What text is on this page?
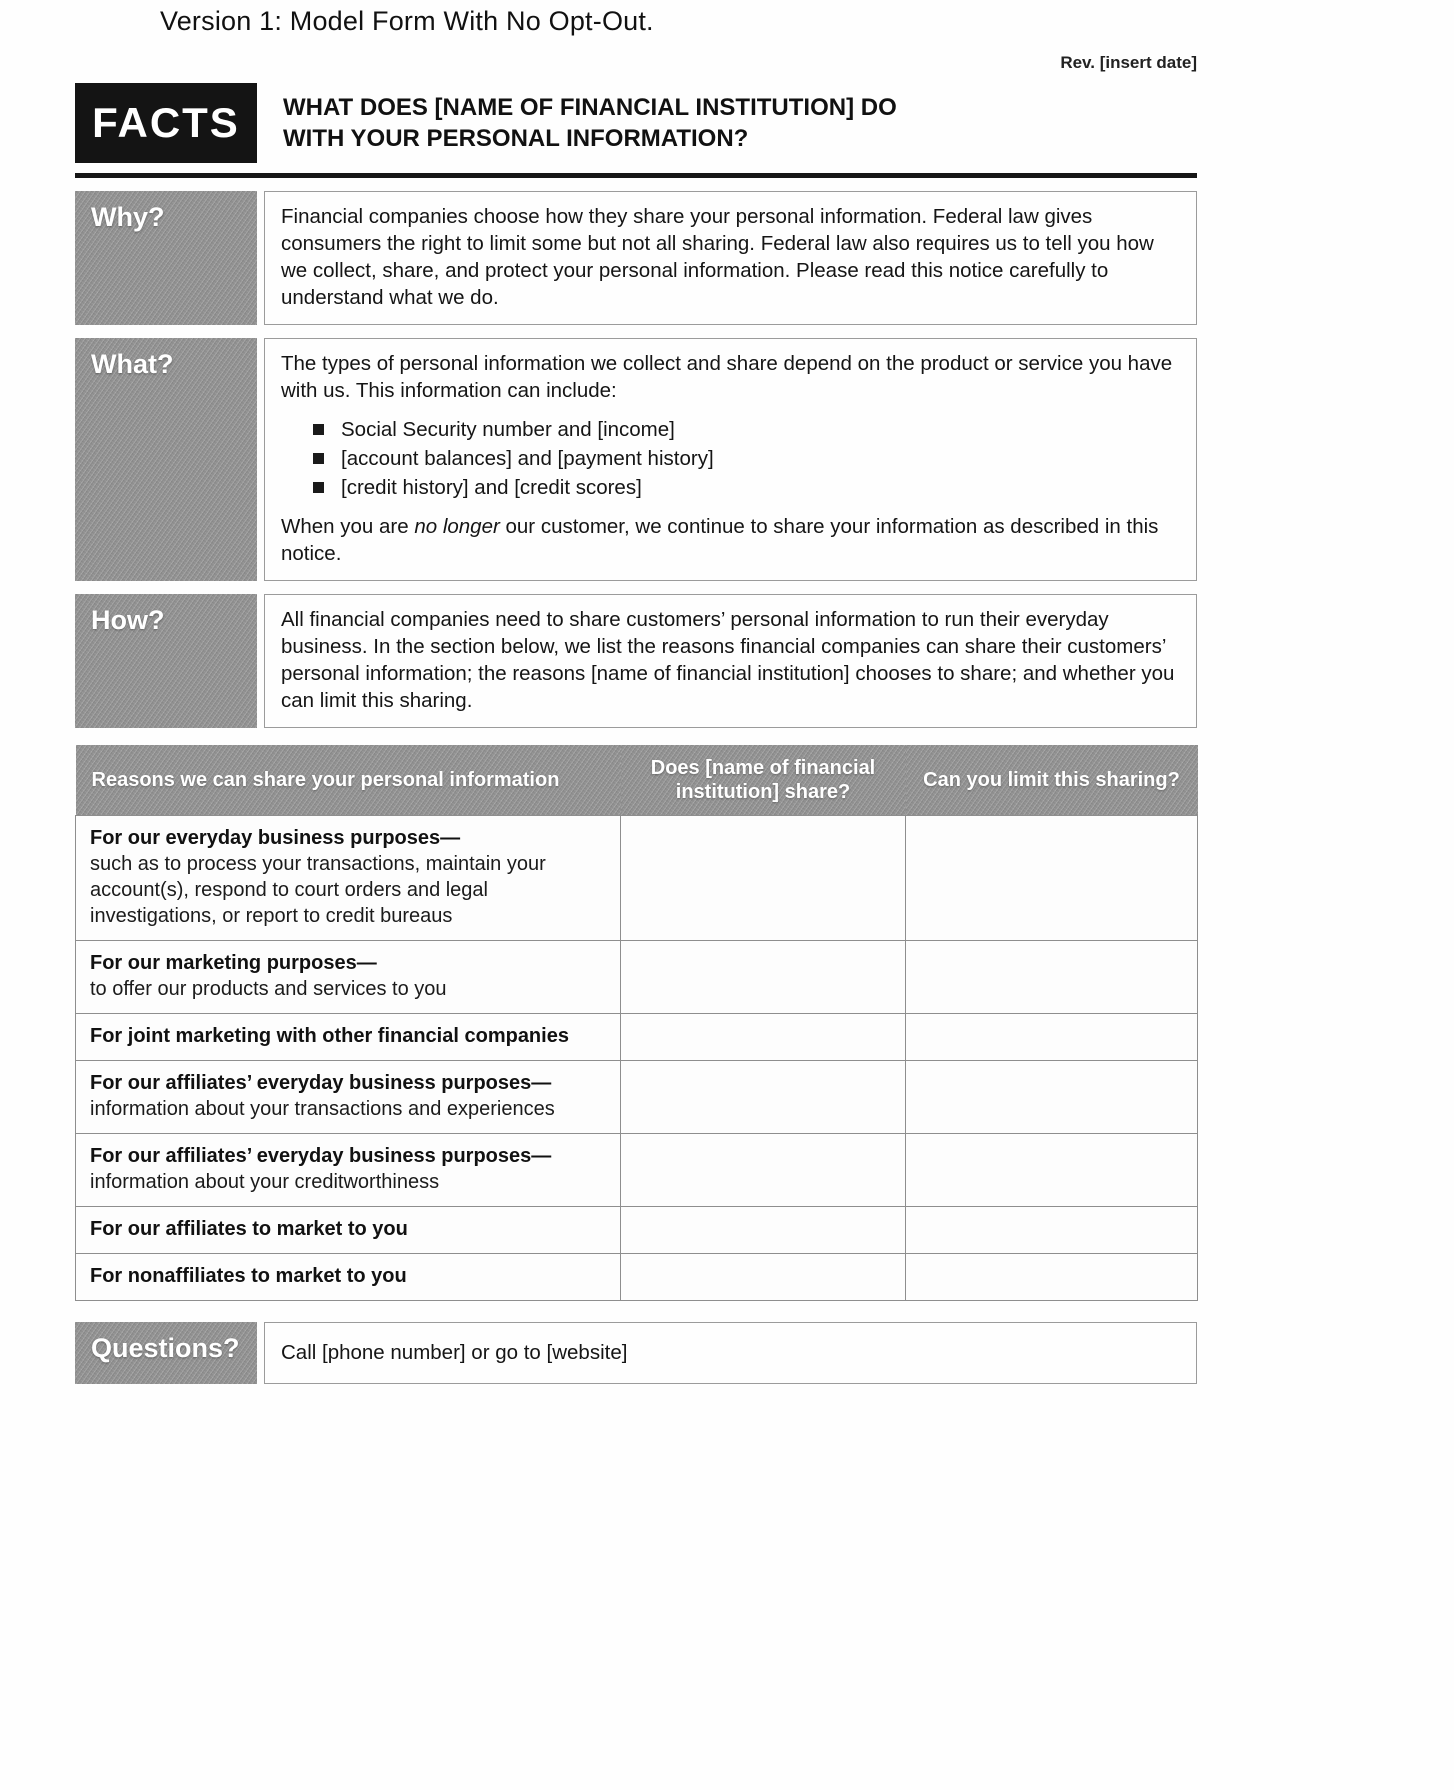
Version 1: Model Form With No Opt-Out.
Rev. [insert date]
FACTS	WHAT DOES [NAME OF FINANCIAL INSTITUTION] DO WITH YOUR PERSONAL INFORMATION?
Why?	Financial companies choose how they share your personal information. Federal law gives consumers the right to limit some but not all sharing. Federal law also requires us to tell you how we collect, share, and protect your personal information. Please read this notice carefully to understand what we do.

What?	The types of personal information we collect and share depend on the product or service you have with us. This information can include:

Social Security number and [income]
[account balances] and [payment history]
[credit history] and [credit scores]

When you are no longer our customer, we continue to share your information as described in this notice.

How?	All financial companies need to share customers’ personal information to run their everyday business. In the section below, we list the reasons financial companies can share their customers’ personal information; the reasons [name of financial institution] chooses to share; and whether you can limit this sharing.

Reasons we can share your personal information	Does [name of financial institution] share?	Can you limit this sharing?

For our everyday business purposes—
such as to process your transactions, maintain your account(s), respond to court orders and legal investigations, or report to credit bureaus		

For our marketing purposes—
to offer our products and services to you		

For joint marketing with other financial companies		

For our affiliates’ everyday business purposes—
information about your transactions and experiences		

For our affiliates’ everyday business purposes—
information about your creditworthiness		

For our affiliates to market to you		

For nonaffiliates to market to you		

Questions?	Call [phone number] or go to [website]
